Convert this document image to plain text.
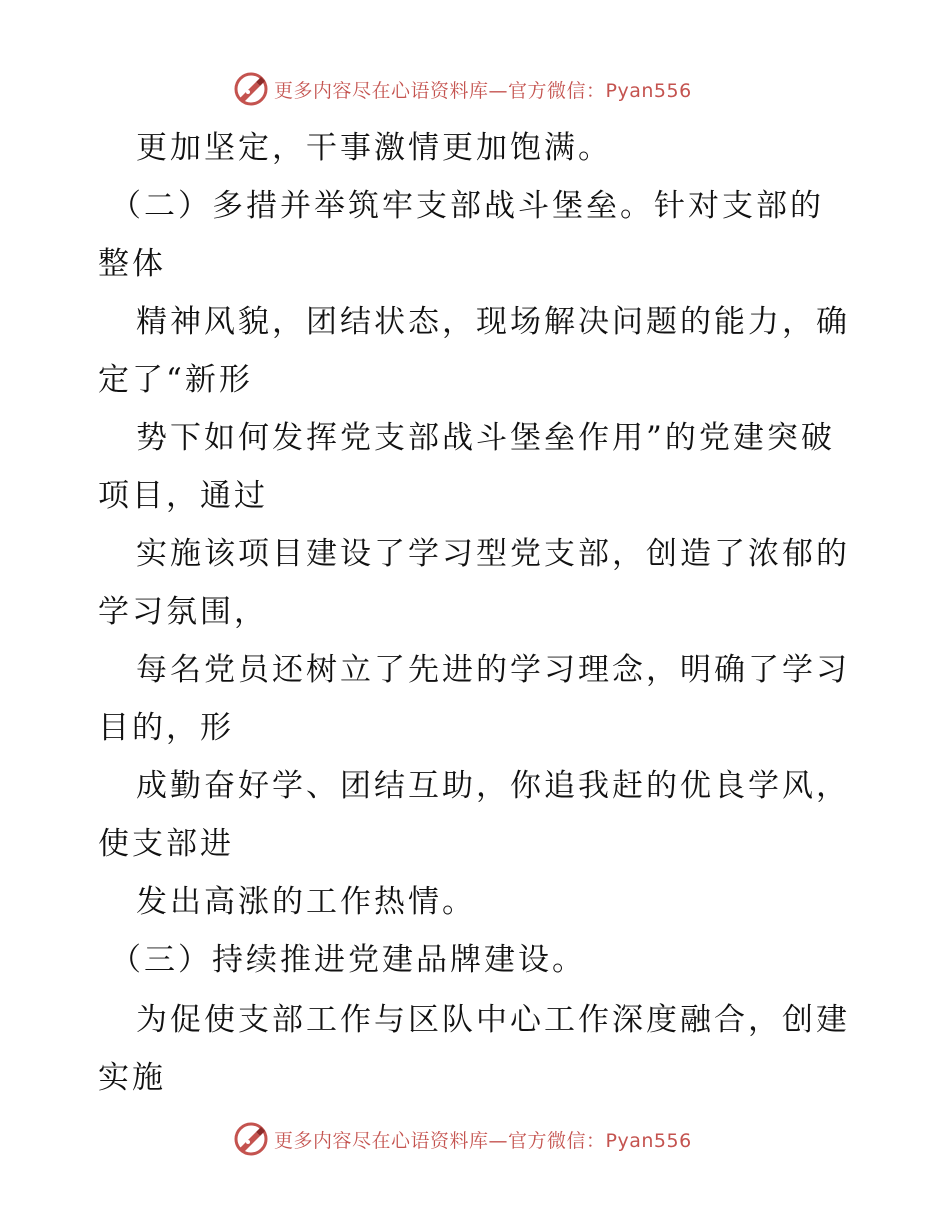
更多内容尽在心语资料库—官方微信：Pyan556
更加坚定，干事激情更加饱满。
（二）多措并举筑牢支部战斗堡垒。针对支部的
整体
精神风貌，团结状态，现场解决问题的能力，确
定了“新形
势下如何发挥党支部战斗堡垒作用”的党建突破
项目，通过
实施该项目建设了学习型党支部，创造了浓郁的
学习氛围，
每名党员还树立了先进的学习理念，明确了学习
目的，形
成勤奋好学、团结互助，你追我赶的优良学风，
使支部进
发出高涨的工作热情。
（三）持续推进党建品牌建设。
为促使支部工作与区队中心工作深度融合，创建
实施
更多内容尽在心语资料库—官方微信：Pyan556
